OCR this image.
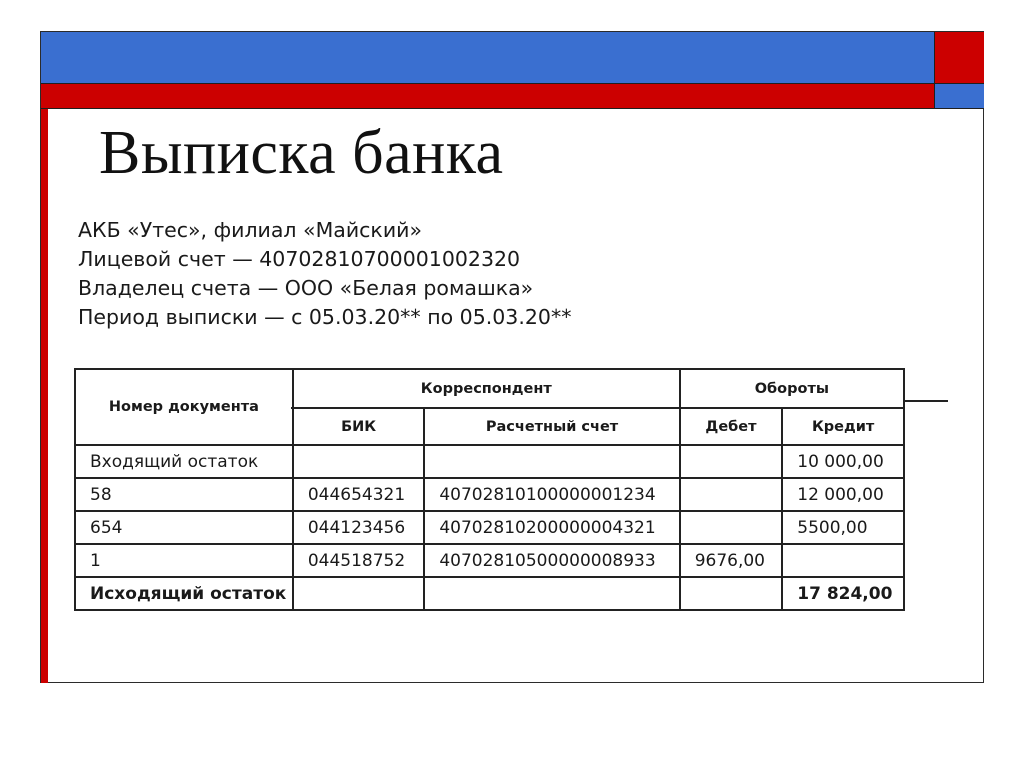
Выписка банка
АКБ «Утес», филиал «Майский»
Лицевой счет — 40702810700001002320
Владелец счета — ООО «Белая ромашка»
Период выписки — с 05.03.20** по 05.03.20**
Номер документа	Корреспондент		Обороты	
	БИК	Расчетный счет	Дебет	Кредит
Входящий остаток				10 000,00
58	044654321	40702810100000001234		12 000,00
654	044123456	40702810200000004321		5500,00
1	044518752	40702810500000008933	9676,00	
Исходящий остаток				17 824,00
